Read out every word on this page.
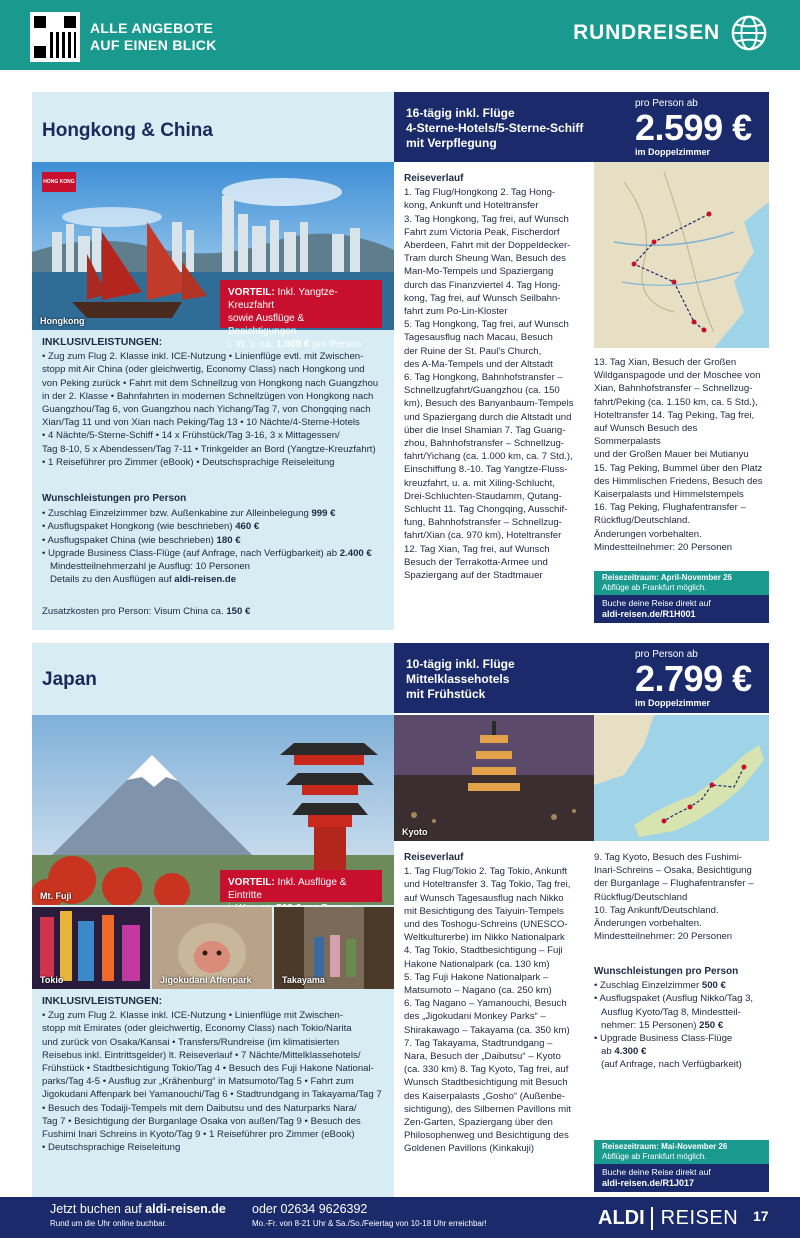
ALLE ANGEBOTE
AUF EINEN BLICK
RUNDREISEN
Hongkong & China
16-tägig inkl. Flüge
4-Sterne-Hotels/5-Sterne-Schiff
mit Verpflegung
pro Person ab
2.599 €
im Doppelzimmer
HONG KONG
Hongkong
VORTEIL: Inkl. Yangtze-Kreuzfahrt
sowie Ausflüge & Besichtigungen
i. W. v. ca. 1.000 € pro Person
INKLUSIVLEISTUNGEN:
• Zug zum Flug 2. Klasse inkl. ICE-Nutzung • Linienflüge evtl. mit Zwischen-
stopp mit Air China (oder gleichwertig, Economy Class) nach Hongkong und
von Peking zurück • Fahrt mit dem Schnellzug von Hongkong nach Guangzhou
in der 2. Klasse • Bahnfahrten in modernen Schnellzügen von Hongkong nach
Guangzhou/Tag 6, von Guangzhou nach Yichang/Tag 7, von Chongqing nach
Xian/Tag 11 und von Xian nach Peking/Tag 13 • 10 Nächte/4-Sterne-Hotels
• 4 Nächte/5-Sterne-Schiff • 14 x Frühstück/Tag 3-16, 3 x Mittagessen/
Tag 8-10, 5 x Abendessen/Tag 7-11 • Trinkgelder an Bord (Yangtze-Kreuzfahrt)
• 1 Reiseführer pro Zimmer (eBook) • Deutschsprachige Reiseleitung
Wunschleistungen pro Person
• Zuschlag Einzelzimmer bzw. Außenkabine zur Alleinbelegung 999 €
• Ausflugspaket Hongkong (wie beschrieben) 460 €
• Ausflugspaket China (wie beschrieben) 180 €
• Upgrade Business Class-Flüge (auf Anfrage, nach Verfügbarkeit) ab 2.400 €
Mindestteilnehmerzahl je Ausflug: 10 Personen
Details zu den Ausflügen auf aldi-reisen.de
Zusatzkosten pro Person: Visum China ca. 150 €
Reiseverlauf
1. Tag Flug/Hongkong 2. Tag Hong-
kong, Ankunft und Hoteltransfer
3. Tag Hongkong, Tag frei, auf Wunsch
Fahrt zum Victoria Peak, Fischerdorf
Aberdeen, Fahrt mit der Doppeldecker-
Tram durch Sheung Wan, Besuch des
Man-Mo-Tempels und Spaziergang
durch das Finanzviertel 4. Tag Hong-
kong, Tag frei, auf Wunsch Seilbahn-
fahrt zum Po-Lin-Kloster
5. Tag Hongkong, Tag frei, auf Wunsch
Tagesausflug nach Macau, Besuch
der Ruine der St. Paul's Church,
des A-Ma-Tempels und der Altstadt
6. Tag Hongkong, Bahnhofstransfer –
Schnellzugfahrt/Guangzhou (ca. 150
km), Besuch des Banyanbaum-Tempels
und Spaziergang durch die Altstadt und
über die Insel Shamian 7. Tag Guang-
zhou, Bahnhofstransfer – Schnellzug-
fahrt/Yichang (ca. 1.000 km, ca. 7 Std.),
Einschiffung 8.-10. Tag Yangtze-Fluss-
kreuzfahrt, u. a. mit Xiling-Schlucht,
Drei-Schluchten-Staudamm, Qutang-
Schlucht 11. Tag Chongqing, Ausschif-
fung, Bahnhofstransfer – Schnellzug-
fahrt/Xian (ca. 970 km), Hoteltransfer
12. Tag Xian, Tag frei, auf Wunsch
Besuch der Terrakotta-Armee und
Spaziergang auf der Stadtmauer
13. Tag Xian, Besuch der Großen
Wildganspagode und der Moschee von
Xian, Bahnhofstransfer – Schnellzug-
fahrt/Peking (ca. 1.150 km, ca. 5 Std.),
Hoteltransfer 14. Tag Peking, Tag frei,
auf Wunsch Besuch des Sommerpalasts
und der Großen Mauer bei Mutianyu
15. Tag Peking, Bummel über den Platz
des Himmlischen Friedens, Besuch des
Kaiserpalasts und Himmelstempels
16. Tag Peking, Flughafentransfer –
Rückflug/Deutschland.
Änderungen vorbehalten.
Mindestteilnehmer: 20 Personen
Reisezeitraum: April-November 26
Abflüge ab Frankfurt möglich.
Buche deine Reise direkt auf
aldi-reisen.de/R1H001
Japan
10-tägig inkl. Flüge
Mittelklassehotels
mit Frühstück
pro Person ab
2.799 €
im Doppelzimmer
Mt. Fuji
VORTEIL: Inkl. Ausflüge & Eintritte
Tokio	Jigokudani Affenpark	Takayama
INKLUSIVLEISTUNGEN:
• Zug zum Flug 2. Klasse inkl. ICE-Nutzung • Linienflüge mit Zwischen-
stopp mit Emirates (oder gleichwertig, Economy Class) nach Tokio/Narita
und zurück von Osaka/Kansai • Transfers/Rundreise (im klimatisierten
Reisebus inkl. Eintrittsgelder) lt. Reiseverlauf • 7 Nächte/Mittelklassehotels/
Frühstück • Stadtbesichtigung Tokio/Tag 4 • Besuch des Fuji Hakone National-
parks/Tag 4-5 • Ausflug zur „Krähenburg“ in Matsumoto/Tag 5 • Fahrt zum
Jigokudani Affenpark bei Yamanouchi/Tag 6 • Stadtrundgang in Takayama/Tag 7
• Besuch des Todaiji-Tempels mit dem Daibutsu und des Naturparks Nara/
Tag 7 • Besichtigung der Burganlage Osaka von außen/Tag 9 • Besuch des
Fushimi Inari Schreins in Kyoto/Tag 9 • 1 Reiseführer pro Zimmer (eBook)
• Deutschsprachige Reiseleitung
Kyoto
Reiseverlauf
1. Tag Flug/Tokio 2. Tag Tokio, Ankunft
und Hoteltransfer 3. Tag Tokio, Tag frei,
auf Wunsch Tagesausflug nach Nikko
mit Besichtigung des Taiyuin-Tempels
und des Toshogu-Schreins (UNESCO-
Weltkulturerbe) im Nikko Nationalpark
4. Tag Tokio, Stadtbesichtigung – Fuji
Hakone Nationalpark (ca. 130 km)
5. Tag Fuji Hakone Nationalpark –
Matsumoto – Nagano (ca. 250 km)
6. Tag Nagano – Yamanouchi, Besuch
des „Jigokudani Monkey Parks“ –
Shirakawago – Takayama (ca. 350 km)
7. Tag Takayama, Stadtrundgang –
Nara, Besuch der „Daibutsu“ – Kyoto
(ca. 330 km) 8. Tag Kyoto, Tag frei, auf
Wunsch Stadtbesichtigung mit Besuch
des Kaiserpalasts „Gosho“ (Außenbe-
sichtigung), des Silbernen Pavillons mit
Zen-Garten, Spaziergang über den
Philosophenweg und Besichtigung des
Goldenen Pavillons (Kinkakuji)
9. Tag Kyoto, Besuch des Fushimi-
Inari-Schreins – Osaka, Besichtigung
der Burganlage – Flughafentransfer –
Rückflug/Deutschland
10. Tag Ankunft/Deutschland.
Änderungen vorbehalten.
Mindestteilnehmer: 20 Personen
Wunschleistungen pro Person
• Zuschlag Einzelzimmer 500 €
• Ausflugspaket (Ausflug Nikko/Tag 3,
Ausflug Kyoto/Tag 8, Mindestteil-
nehmer: 15 Personen) 250 €
• Upgrade Business Class-Flüge
ab 4.300 €
(auf Anfrage, nach Verfügbarkeit)
Reisezeitraum: Mai-November 26
Abflüge ab Frankfurt möglich.
Buche deine Reise direkt auf
aldi-reisen.de/R1J017
Jetzt buchen auf aldi-reisen.de
Rund um die Uhr online buchbar.
oder 02634 9626392
Mo.-Fr. von 8-21 Uhr & Sa./So./Feiertag von 10-18 Uhr erreichbar!	ALDI REISEN 17
